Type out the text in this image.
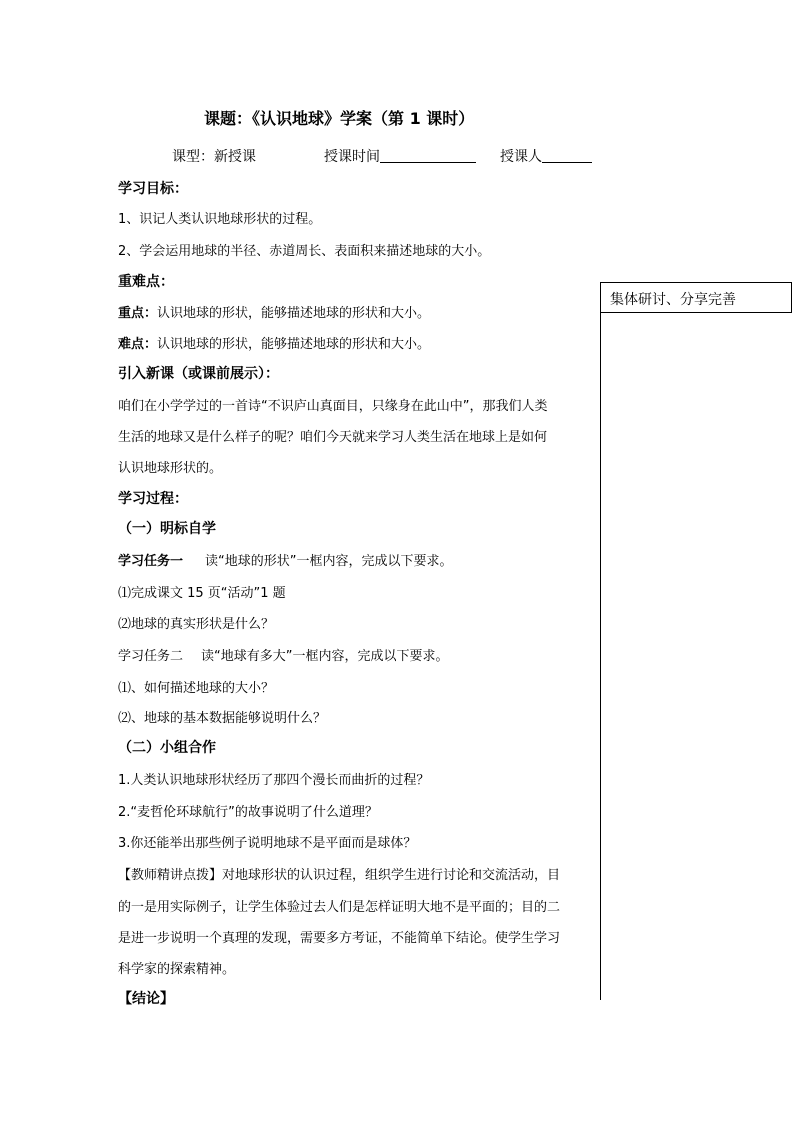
课题：《认识地球》学案（第 1 课时）
课型：新授课	授课时间	授课人
学习目标：
1、识记人类认识地球形状的过程。
2、学会运用地球的半径、赤道周长、表面积来描述地球的大小。
重难点：
重点：认识地球的形状，能够描述地球的形状和大小。
难点：认识地球的形状，能够描述地球的形状和大小。
引入新课（或课前展示）：
咱们在小学学过的一首诗“不识庐山真面目，只缘身在此山中”，那我们人类
生活的地球又是什么样子的呢？咱们今天就来学习人类生活在地球上是如何
认识地球形状的。
学习过程：
（一）明标自学
学习任务一 读“地球的形状”一框内容，完成以下要求。
⑴完成课文 15 页“活动”1 题
⑵地球的真实形状是什么？
学习任务二 读“地球有多大”一框内容，完成以下要求。
⑴、如何描述地球的大小？
⑵、地球的基本数据能够说明什么？
（二）小组合作
1.人类认识地球形状经历了那四个漫长而曲折的过程？
2.“麦哲伦环球航行”的故事说明了什么道理？
3.你还能举出那些例子说明地球不是平面而是球体？
【教师精讲点拨】对地球形状的认识过程，组织学生进行讨论和交流活动，目
的一是用实际例子，让学生体验过去人们是怎样证明大地不是平面的；目的二
是进一步说明一个真理的发现，需要多方考证，不能简单下结论。使学生学习
科学家的探索精神。
【结论】
集体研讨、分享完善
